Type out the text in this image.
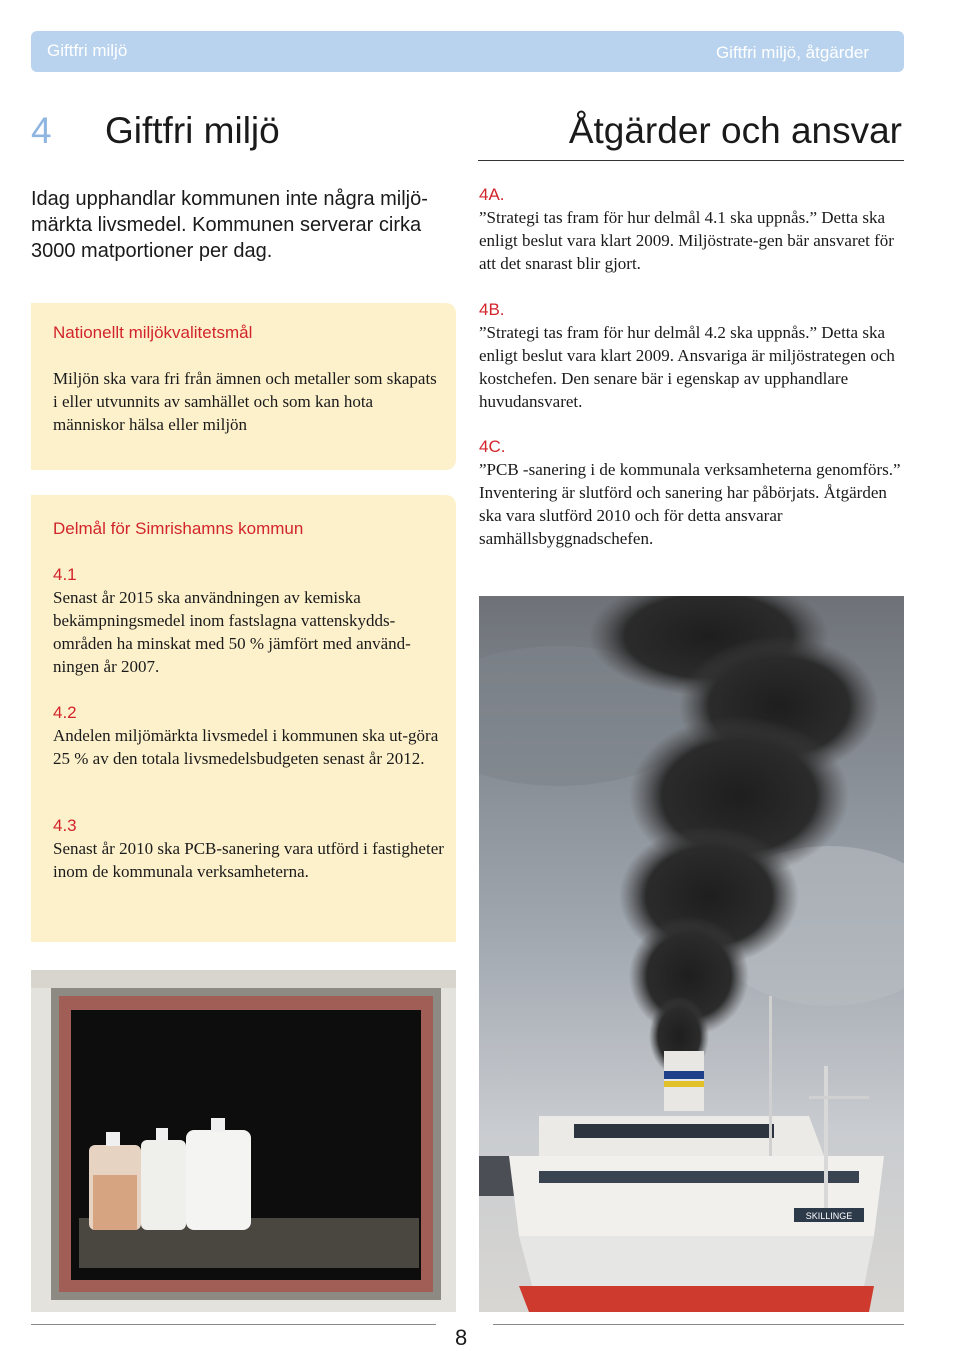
Giftfri miljö	Giftfri miljö, åtgärder
4 Giftfri miljö	Åtgärder och ansvar
Idag upphandlar kommunen inte några miljö-märkta livsmedel. Kommunen serverar cirka 3000 matportioner per dag.
Nationellt miljökvalitetsmål
Miljön ska vara fri från ämnen och metaller som skapats i eller utvunnits av samhället och som kan hota människor hälsa eller miljön
Delmål för Simrishamns kommun
4.1
Senast år 2015 ska användningen av kemiska bekämpningsmedel inom fastslagna vattenskydds-områden ha minskat med 50 % jämfört med använd-ningen år 2007.
4.2
Andelen miljömärkta livsmedel i kommunen ska ut-göra 25 % av den totala livsmedelsbudgeten senast år 2012.
4.3
Senast år 2010 ska PCB-sanering vara utförd i fastigheter inom de kommunala verksamheterna.
4A.
”Strategi tas fram för hur delmål 4.1 ska uppnås.” Detta ska enligt beslut vara klart 2009. Miljöstrate-gen bär ansvaret för att det snarast blir gjort.
4B.
”Strategi tas fram för hur delmål 4.2 ska uppnås.” Detta ska enligt beslut vara klart 2009. Ansvariga är miljöstrategen och kostchefen. Den senare bär i egenskap av upphandlare huvudansvaret.
4C.
”PCB -sanering i de kommunala verksamheterna genomförs.” Inventering är slutförd och sanering har påbörjats. Åtgärden ska vara slutförd 2010 och för detta ansvarar samhällsbyggnadschefen.
SKILLINGE
8
